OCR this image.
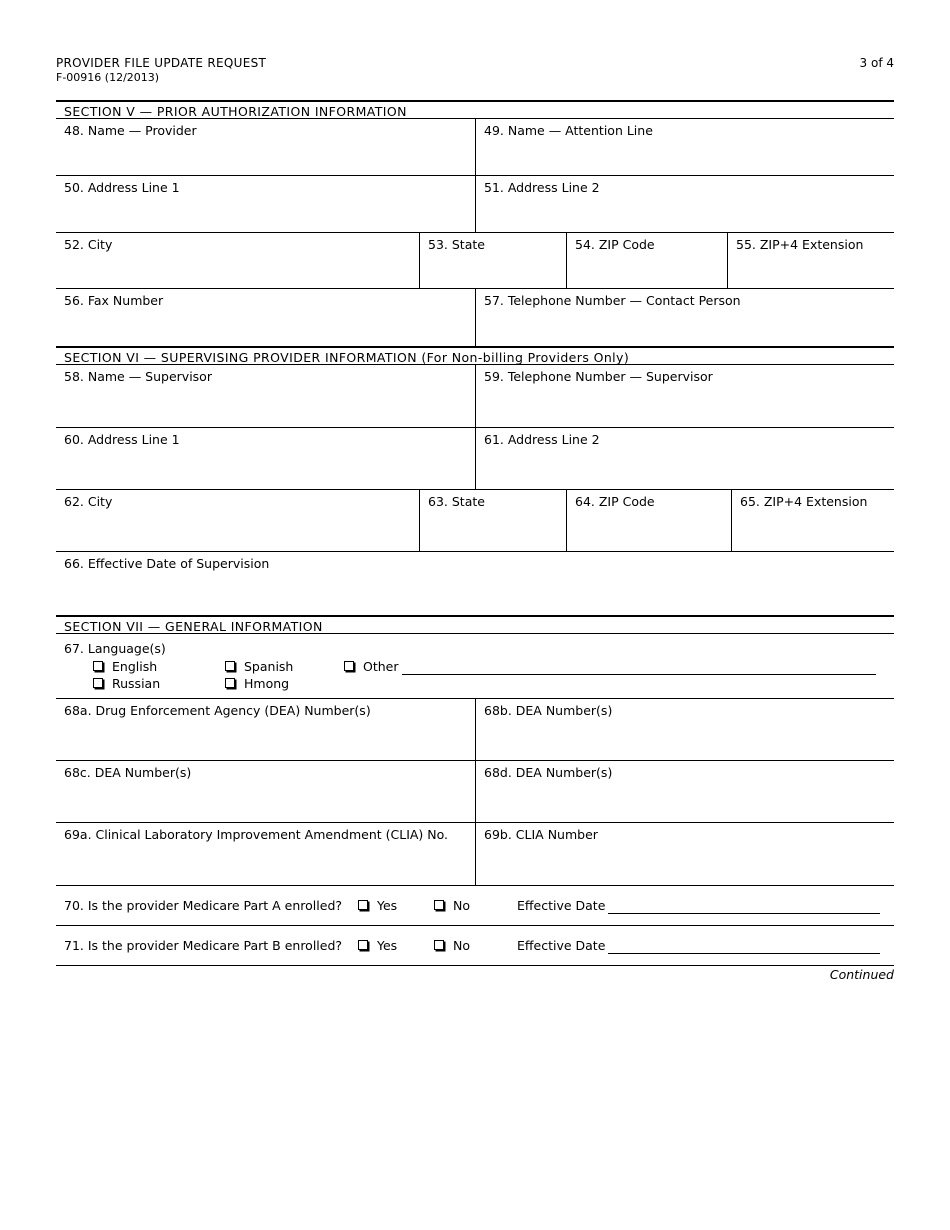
PROVIDER FILE UPDATE REQUEST
F-00916 (12/2013)
3 of 4
SECTION V — PRIOR AUTHORIZATION INFORMATION
48. Name — Provider	49. Name — Attention Line
50. Address Line 1	51. Address Line 2
52. City	53. State	54. ZIP Code	55. ZIP+4 Extension
56. Fax Number	57. Telephone Number — Contact Person
SECTION VI — SUPERVISING PROVIDER INFORMATION (For Non-billing Providers Only)
58. Name — Supervisor	59. Telephone Number — Supervisor
60. Address Line 1	61. Address Line 2
62. City	63. State	64. ZIP Code	65. ZIP+4 Extension
66. Effective Date of Supervision
SECTION VII — GENERAL INFORMATION
67. Language(s)
English	Spanish	Other
Russian	Hmong
68a. Drug Enforcement Agency (DEA) Number(s)	68b. DEA Number(s)
68c. DEA Number(s)	68d. DEA Number(s)
69a. Clinical Laboratory Improvement Amendment (CLIA) No.	69b. CLIA Number
70. Is the provider Medicare Part A enrolled?	Yes	No	Effective Date
71. Is the provider Medicare Part B enrolled?	Yes	No	Effective Date
Continued
